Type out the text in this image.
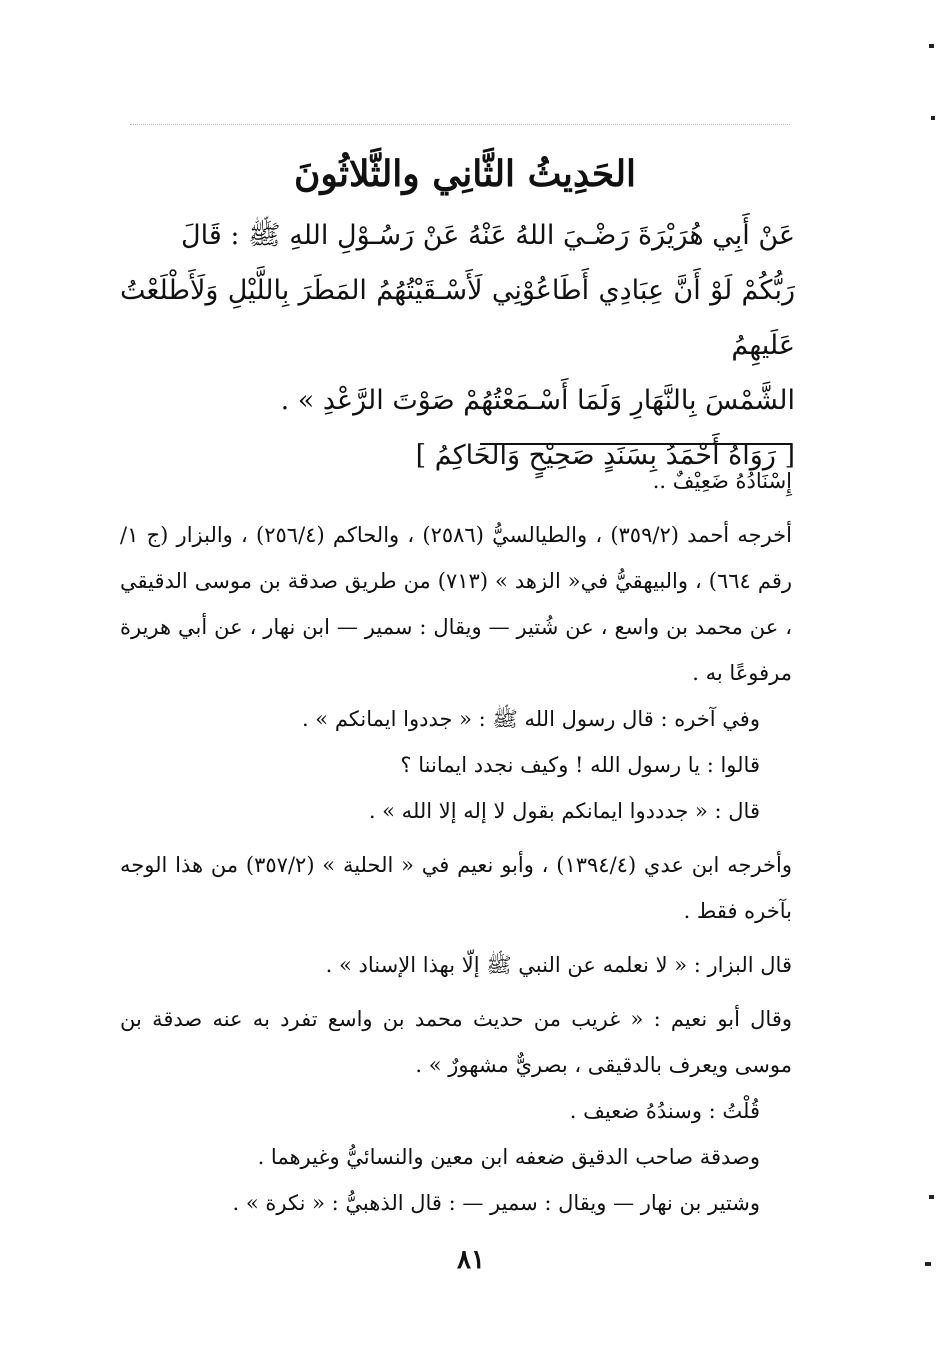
الحَدِيثُ الثَّانِي والثَّلاثُونَ

عَنْ أَبِي هُرَيْرَةَ رَضْـيَ اللهُ عَنْهُ عَنْ رَسُـوْلِ اللهِ ﷺ : قَالَ

رَبُّكُمْ لَوْ أَنَّ عِبَادِي أَطَاعُوْنِي لَأَسْـقَيْتُهُمُ المَطَرَ بِاللَّيْلِ وَلَأَطْلَعْتُ عَلَيهِمُ

الشَّمْسَ بِالنَّهَارِ وَلَمَا أَسْـمَعْتُهُمْ صَوْتَ الرَّعْدِ » .

[ رَوَاهُ أَحْمَدُ بِسَنَدٍ صَحِيْحٍ وَالحَاكِمُ ]

إِسْنَادُهُ ضَعِيْفٌ ..

أخرجه أحمد (٣٥٩/٢) ، والطيالسيُّ (٢٥٨٦) ، والحاكم (٢٥٦/٤) ، والبزار (ج ١/ رقم ٦٦٤) ، والبيهقيُّ في« الزهد » (٧١٣) من طريق صدقة بن موسى الدقيقي ، عن محمد بن واسع ، عن شُتير — ويقال : سمير — ابن نهار ، عن أبي هريرة مرفوعًا به .

وفي آخره : قال رسول الله ﷺ : « جددوا ايمانكم » .

قالوا : يا رسول الله ! وكيف نجدد ايماننا ؟

قال : « جدددوا ايمانكم بقول لا إله إلا الله » .

وأخرجه ابن عدي (١٣٩٤/٤) ، وأبو نعيم في « الحلية » (٣٥٧/٢) من هذا الوجه بآخره فقط .

قال البزار : « لا نعلمه عن النبي ﷺ إلّا بهذا الإسناد » .

وقال أبو نعيم : « غريب من حديث محمد بن واسع تفرد به عنه صدقة بن موسى ويعرف بالدقيقى ، بصريٌّ مشهورٌ » .

قُلْتُ : وسندُهُ ضعيف .

وصدقة صاحب الدقيق ضعفه ابن معين والنسائيُّ وغيرهما .

وشتير بن نهار — ويقال : سمير — : قال الذهبيُّ : « نكرة » .

٨١
